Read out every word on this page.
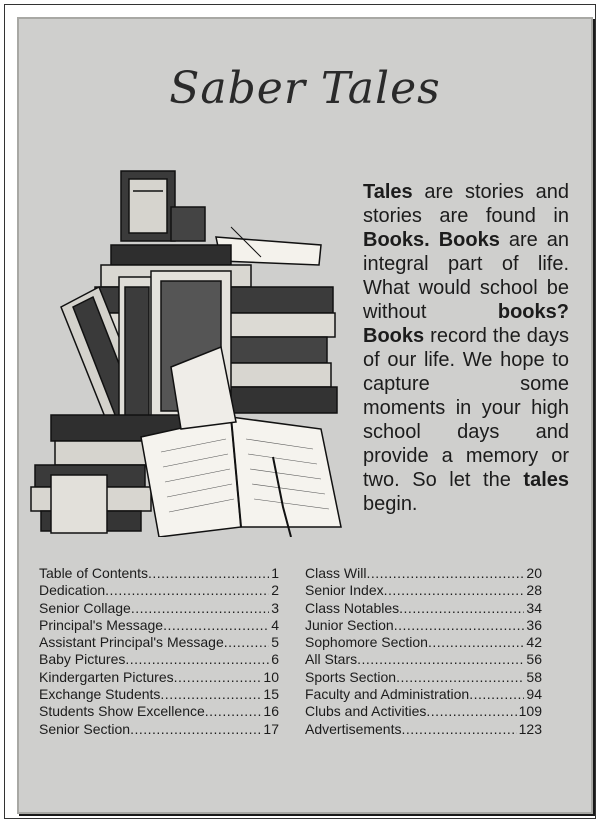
Saber Tales
Tales are stories and stories are found in Books. Books are an integral part of life. What would school be without books? Books record the days of our life. We hope to capture some moments in your high school days and provide a memory or two. So let the tales begin.
Table of Contents .....	1
Dedication .....	2
Senior Collage .....	3
Principal's Message .....	4
Assistant Principal's Message .....	5
Baby Pictures .....	6
Kindergarten Pictures .....	10
Exchange Students .....	15
Students Show Excellence .....	16
Senior Section .....	17
Class Will .....	20
Senior Index .....	28
Class Notables .....	34
Junior Section .....	36
Sophomore Section .....	42
All Stars .....	56
Sports Section .....	58
Faculty and Administration .....	94
Clubs and Activities .....	109
Advertisements .....	123
